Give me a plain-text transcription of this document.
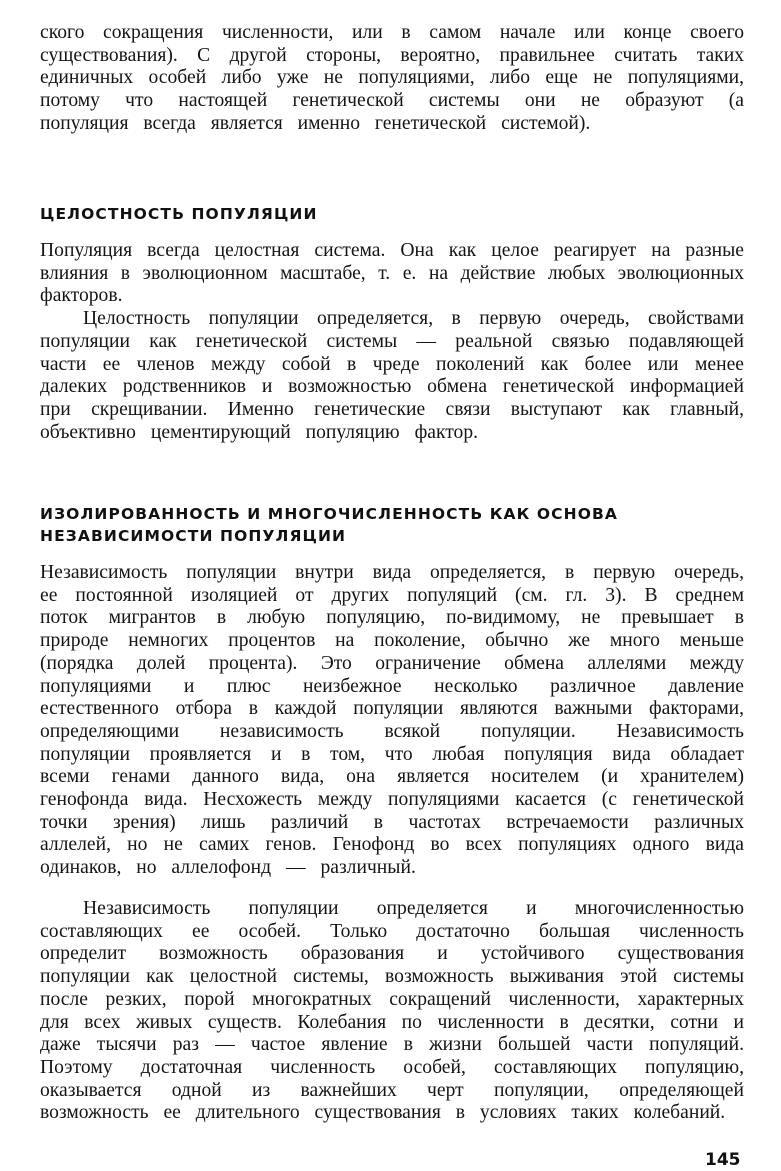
ского сокращения численности, или в самом начале или конце своего существования). С другой стороны, вероятно, правильнее считать таких единичных особей либо уже не популяциями, либо еще не популяциями, потому что настоящей генетической системы они не образуют (а популяция всегда является именно генетической системой).

ЦЕЛОСТНОСТЬ ПОПУЛЯЦИИ

Популяция всегда целостная система. Она как целое реагирует на разные влияния в эволюционном масштабе, т. е. на действие любых эволюционных факторов.

Целостность популяции определяется, в первую очередь, свойствами популяции как генетической системы — реальной связью подавляющей части ее членов между собой в чреде поколений как более или менее далеких родственников и возможностью обмена генетической информацией при скрещивании. Именно генетические связи выступают как главный, объективно цементирующий популяцию фактор.

ИЗОЛИРОВАННОСТЬ И МНОГОЧИСЛЕННОСТЬ КАК ОСНОВА
НЕЗАВИСИМОСТИ ПОПУЛЯЦИИ

Независимость популяции внутри вида определяется, в первую очередь, ее постоянной изоляцией от других популяций (см. гл. 3). В среднем поток мигрантов в любую популяцию, по-видимому, не превышает в природе немногих процентов на поколение, обычно же много меньше (порядка долей процента). Это ограничение обмена аллелями между популяциями и плюс неизбежное несколько различное давление естественного отбора в каждой популяции являются важными факторами, определяющими независимость всякой популяции. Независимость популяции проявляется и в том, что любая популяция вида обладает всеми генами данного вида, она является носителем (и хранителем) генофонда вида. Несхожесть между популяциями касается (с генетической точки зрения) лишь различий в частотах встречаемости различных аллелей, но не самих генов. Генофонд во всех популяциях одного вида одинаков, но аллелофонд — различный.

Независимость популяции определяется и многочисленностью составляющих ее особей. Только достаточно большая численность определит возможность образования и устойчивого существования популяции как целостной системы, возможность выживания этой системы после резких, порой многократных сокращений численности, характерных для всех живых существ. Колебания по численности в десятки, сотни и даже тысячи раз — частое явление в жизни большей части популяций. Поэтому достаточная численность особей, составляющих популяцию, оказывается одной из важнейших черт популяции, определяющей возможность ее длительного существования в условиях таких колебаний.

145
